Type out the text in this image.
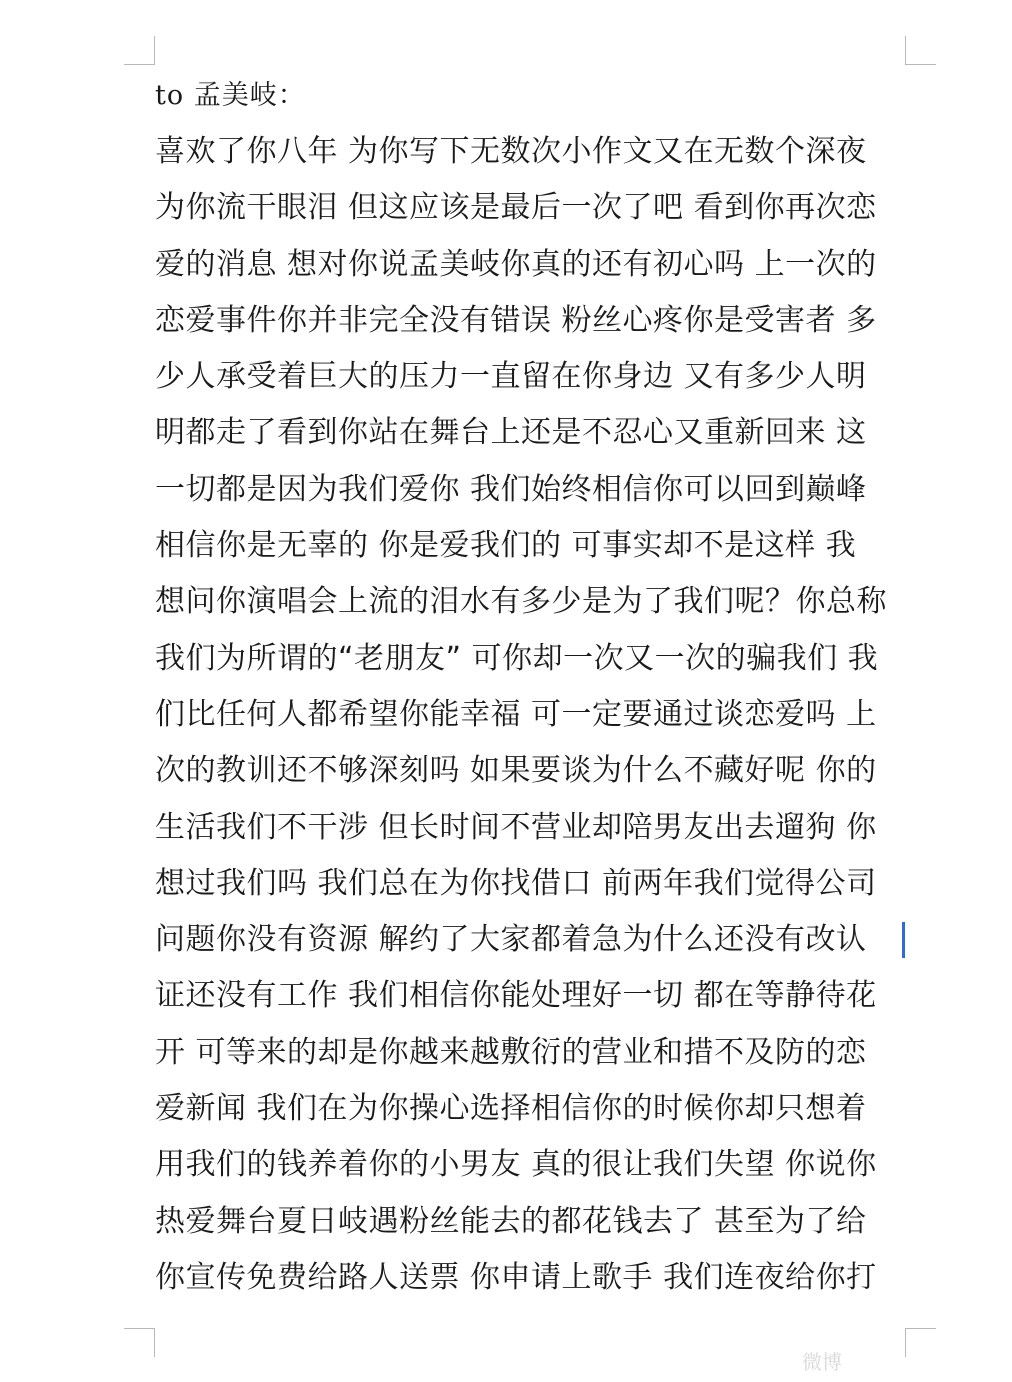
to 孟美岐：
喜欢了你八年 为你写下无数次小作文又在无数个深夜
为你流干眼泪 但这应该是最后一次了吧 看到你再次恋
爱的消息 想对你说孟美岐你真的还有初心吗 上一次的
恋爱事件你并非完全没有错误 粉丝心疼你是受害者 多
少人承受着巨大的压力一直留在你身边 又有多少人明
明都走了看到你站在舞台上还是不忍心又重新回来 这
一切都是因为我们爱你 我们始终相信你可以回到巅峰
相信你是无辜的 你是爱我们的 可事实却不是这样 我
想问你演唱会上流的泪水有多少是为了我们呢？你总称
我们为所谓的“老朋友” 可你却一次又一次的骗我们 我
们比任何人都希望你能幸福 可一定要通过谈恋爱吗 上
次的教训还不够深刻吗 如果要谈为什么不藏好呢 你的
生活我们不干涉 但长时间不营业却陪男友出去遛狗 你
想过我们吗 我们总在为你找借口 前两年我们觉得公司
问题你没有资源 解约了大家都着急为什么还没有改认
证还没有工作 我们相信你能处理好一切 都在等静待花
开 可等来的却是你越来越敷衍的营业和措不及防的恋
爱新闻 我们在为你操心选择相信你的时候你却只想着
用我们的钱养着你的小男友 真的很让我们失望 你说你
热爱舞台夏日岐遇粉丝能去的都花钱去了 甚至为了给
你宣传免费给路人送票 你申请上歌手 我们连夜给你打
微博
